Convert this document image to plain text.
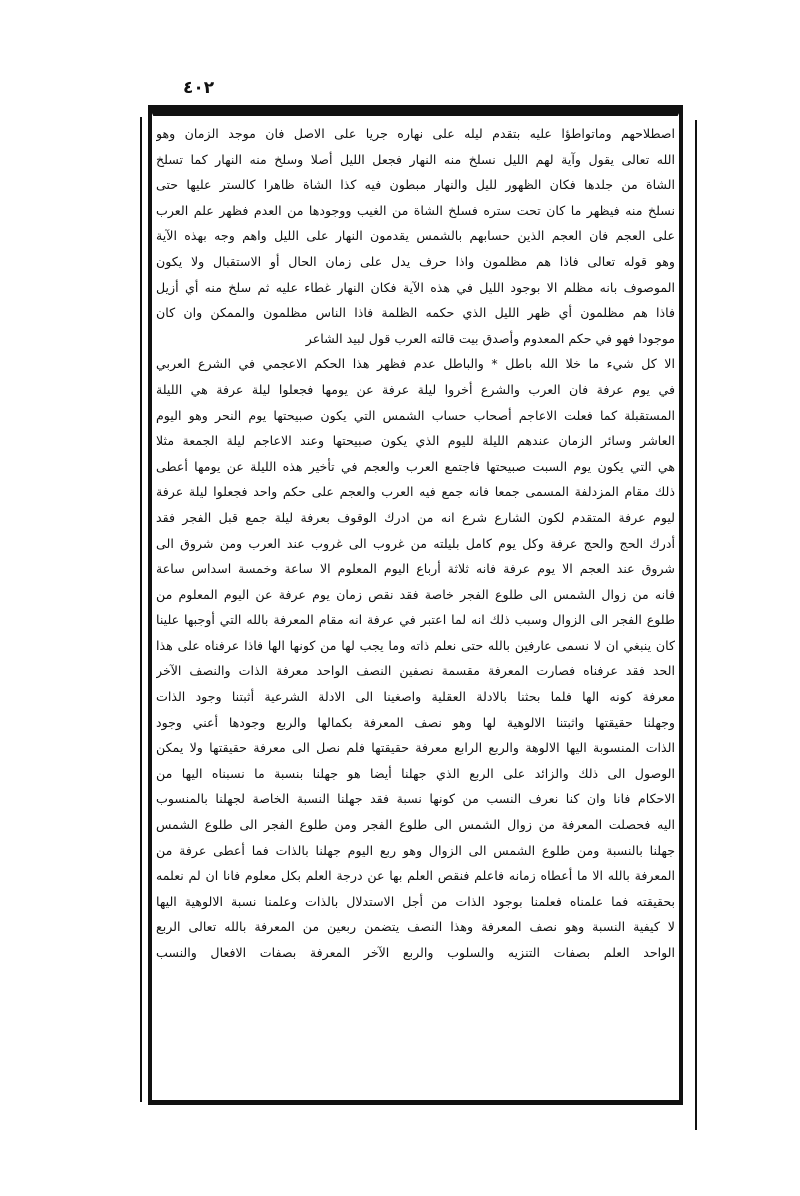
٤٠٢
اصطلاحهم وماتواطؤا عليه بتقدم ليله على نهاره جريا على الاصل فان موجد الزمان وهو
الله تعالى يقول وآية لهم الليل نسلخ منه النهار فجعل الليل أصلا وسلخ منه النهار كما تسلخ
الشاة من جلدها فكان الظهور لليل والنهار مبطون فيه كذا الشاة ظاهرا كالستر عليها حتى
نسلخ منه فيظهر ما كان تحت ستره فسلخ الشاة من الغيب ووجودها من العدم فظهر علم العرب
على العجم فان العجم الذين حسابهم بالشمس يقدمون النهار على الليل واهم وجه بهذه الآية
وهو قوله تعالى فاذا هم مظلمون واذا حرف يدل على زمان الحال أو الاستقبال ولا يكون
الموصوف بانه مظلم الا بوجود الليل في هذه الآية فكان النهار غطاء عليه ثم سلخ منه أي أزيل
فاذا هم مظلمون أي ظهر الليل الذي حكمه الظلمة فاذا الناس مظلمون والممكن وان كان
موجودا فهو في حكم المعدوم وأصدق بيت قالته العرب قول لبيد الشاعر
الا كل شيء ما خلا الله باطل * والباطل عدم فظهر هذا الحكم الاعجمي في الشرع العربي
في يوم عرفة فان العرب والشرع أخروا ليلة عرفة عن يومها فجعلوا ليلة عرفة هي الليلة
المستقبلة كما فعلت الاعاجم أصحاب حساب الشمس التي يكون صبيحتها يوم النحر وهو اليوم
العاشر وسائر الزمان عندهم الليلة لليوم الذي يكون صبيحتها وعند الاعاجم ليلة الجمعة مثلا
هي التي يكون يوم السبت صبيحتها فاجتمع العرب والعجم في تأخير هذه الليلة عن يومها أعطى
ذلك مقام المزدلفة المسمى جمعا فانه جمع فيه العرب والعجم على حكم واحد فجعلوا ليلة عرفة
ليوم عرفة المتقدم لكون الشارع شرع انه من ادرك الوقوف بعرفة ليلة جمع قبل الفجر فقد
أدرك الحج والحج عرفة وكل يوم كامل بليلته من غروب الى غروب عند العرب ومن شروق الى
شروق عند العجم الا يوم عرفة فانه ثلاثة أرباع اليوم المعلوم الا ساعة وخمسة اسداس ساعة
فانه من زوال الشمس الى طلوع الفجر خاصة فقد نقص زمان يوم عرفة عن اليوم المعلوم من
طلوع الفجر الى الزوال وسبب ذلك انه لما اعتبر في عرفة انه مقام المعرفة بالله التي أوجبها علينا
كان ينبغي ان لا نسمى عارفين بالله حتى نعلم ذاته وما يجب لها من كونها الها فاذا عرفناه على هذا
الحد فقد عرفناه فصارت المعرفة مقسمة نصفين النصف الواحد معرفة الذات والنصف الآخر
معرفة كونه الها فلما بحثنا بالادلة العقلية واصغينا الى الادلة الشرعية أثبتنا وجود الذات
وجهلنا حقيقتها واثبتنا الالوهية لها وهو نصف المعرفة بكمالها والربع وجودها أعني وجود
الذات المنسوبة اليها الالوهة والربع الرابع معرفة حقيقتها فلم نصل الى معرفة حقيقتها ولا يمكن
الوصول الى ذلك والزائد على الربع الذي جهلنا أيضا هو جهلنا بنسبة ما نسبناه اليها من
الاحكام فانا وان كنا نعرف النسب من كونها نسبة فقد جهلنا النسبة الخاصة لجهلنا بالمنسوب
اليه فحصلت المعرفة من زوال الشمس الى طلوع الفجر ومن طلوع الفجر الى طلوع الشمس
جهلنا بالنسبة ومن طلوع الشمس الى الزوال وهو ربع اليوم جهلنا بالذات فما أعطى عرفة من
المعرفة بالله الا ما أعطاه زمانه فاعلم فنقص العلم بها عن درجة العلم بكل معلوم فانا ان لم نعلمه
بحقيقته فما علمناه فعلمنا بوجود الذات من أجل الاستدلال بالذات وعلمنا نسبة الالوهية اليها
لا كيفية النسبة وهو نصف المعرفة وهذا النصف يتضمن ربعين من المعرفة بالله تعالى الربع
الواحد العلم بصفات التنزيه والسلوب والربع الآخر المعرفة بصفات الافعال والنسب
